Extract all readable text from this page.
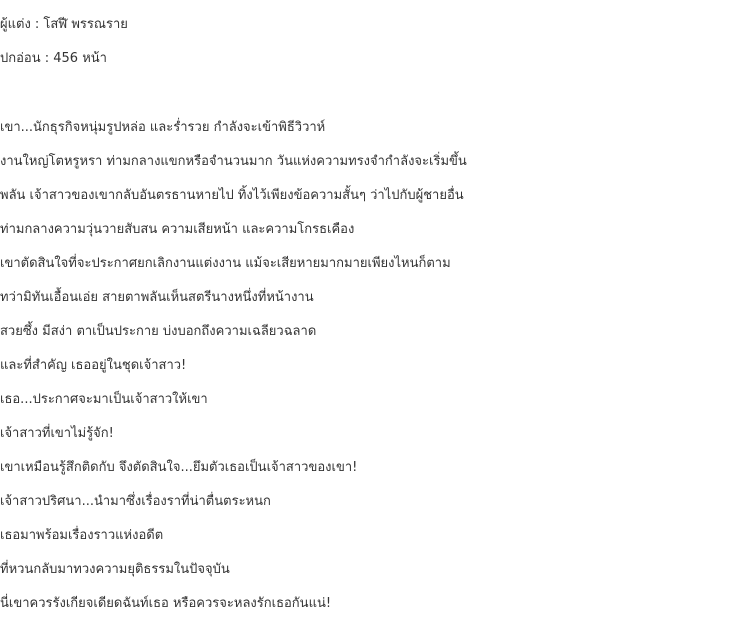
ผู้แต่ง : โสฬี พรรณราย
ปกอ่อน : 456 หน้า
เขา...นักธุรกิจหนุ่มรูปหล่อ และร่ำรวย กำลังจะเข้าพิธีวิวาห์
งานใหญ่โตหรูหรา ท่ามกลางแขกหรือจำนวนมาก วันแห่งความทรงจำกำลังจะเริ่มขึ้น
พลัน เจ้าสาวของเขากลับอันตรธานหายไป ทิ้งไว้เพียงข้อความสั้นๆ ว่าไปกับผู้ชายอื่น
ท่ามกลางความวุ่นวายสับสน ความเสียหน้า และความโกรธเคือง
เขาตัดสินใจที่จะประกาศยกเลิกงานแต่งงาน แม้จะเสียหายมากมายเพียงไหนก็ตาม
ทว่ามิทันเอื้อนเอ่ย สายตาพลันเห็นสตรีนางหนึ่งที่หน้างาน
สวยซึ้ง มีสง่า ตาเป็นประกาย บ่งบอกถึงความเฉลียวฉลาด
และที่สำคัญ เธออยู่ในชุดเจ้าสาว!
เธอ...ประกาศจะมาเป็นเจ้าสาวให้เขา
เจ้าสาวที่เขาไม่รู้จัก!
เขาเหมือนรู้สึกติดกับ จึงตัดสินใจ...ยึมตัวเธอเป็นเจ้าสาวของเขา!
เจ้าสาวปริศนา...นำมาซึ่งเรื่องราที่น่าตื่นตระหนก
เธอมาพร้อมเรื่องราวแห่งอดีต
ที่หวนกลับมาทวงความยุติธรรมในปัจจุบัน
นี่เขาควรรังเกียจเดียดฉันท์เธอ หรือควรจะหลงรักเธอกันแน่!
